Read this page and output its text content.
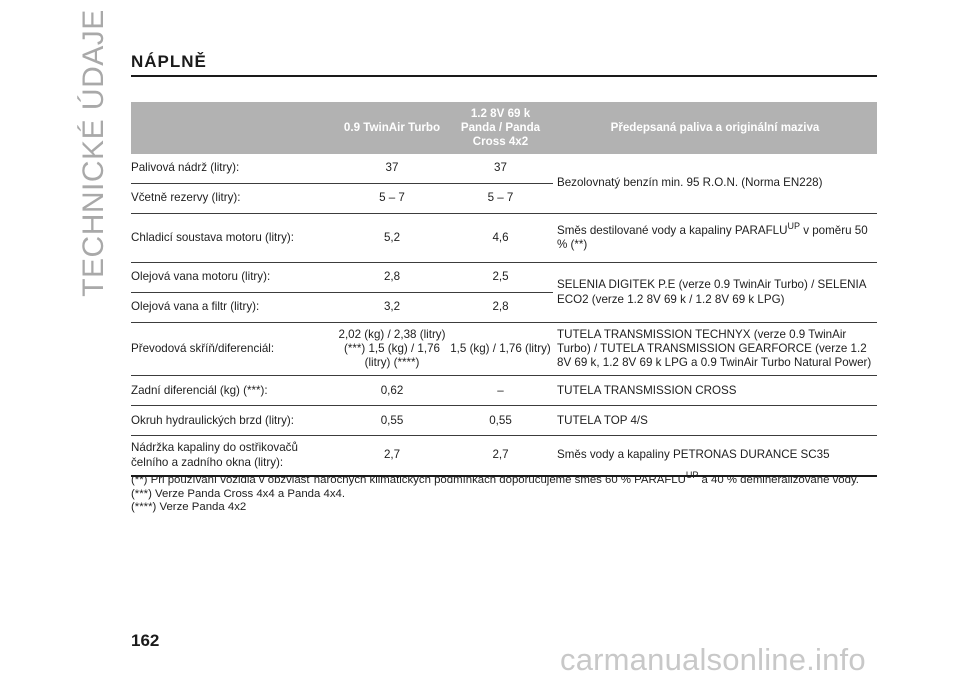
TECHNICKÉ ÚDAJE NÁPLNĚ
	0.9 TwinAir Turbo	1.2 8V 69 k Panda / Panda Cross 4x2	Předepsaná paliva a originální maziva
Palivová nádrž (litry):	37	37	Bezolovnatý benzín min. 95 R.O.N. (Norma EN228)
Včetně rezervy (litry):	5 – 7	5 – 7	
Chladicí soustava motoru (litry):	5,2	4,6	Směs destilované vody a kapaliny $PARAFLU^{UP}$ v poměru 50 % (**)
Olejová vana motoru (litry):	2,8	2,5	SELENIA DIGITEK P.E (verze 0.9 TwinAir Turbo) / SELENIA ECO2 (verze 1.2 8V 69 k / 1.2 8V 69 k LPG)
Olejová vana a filtr (litry):	3,2	2,8	
Převodová skříň/diferenciál:	2,02 (kg) / 2,38 (litry) (***) 1,5 (kg) / 1,76 (litry) (****)	1,5 (kg) / 1,76 (litry)	TUTELA TRANSMISSION TECHNYX (verze 0.9 TwinAir Turbo) / TUTELA TRANSMISSION GEARFORCE (verze 1.2 8V 69 k, 1.2 8V 69 k LPG a 0.9 TwinAir Turbo Natural Power)
Zadní diferenciál (kg) (***):	0,62	–	TUTELA TRANSMISSION CROSS
Okruh hydraulických brzd (litry):	0,55	0,55	TUTELA TOP 4/S
Nádržka kapaliny do ostřikovačů čelního a zadního okna (litry):	2,7	2,7	Směs vody a kapaliny PETRONAS DURANCE SC35

(**) Při používání vozidla v obzvlášť náročných klimatických podmínkách doporučujeme směs 60 % $PARAFLU^{UP}$ a 40 % demineralizované vody.

(***) Verze Panda Cross 4x4 a Panda 4x4.

(****) Verze Panda 4x2

162
carmanualsonline.info
